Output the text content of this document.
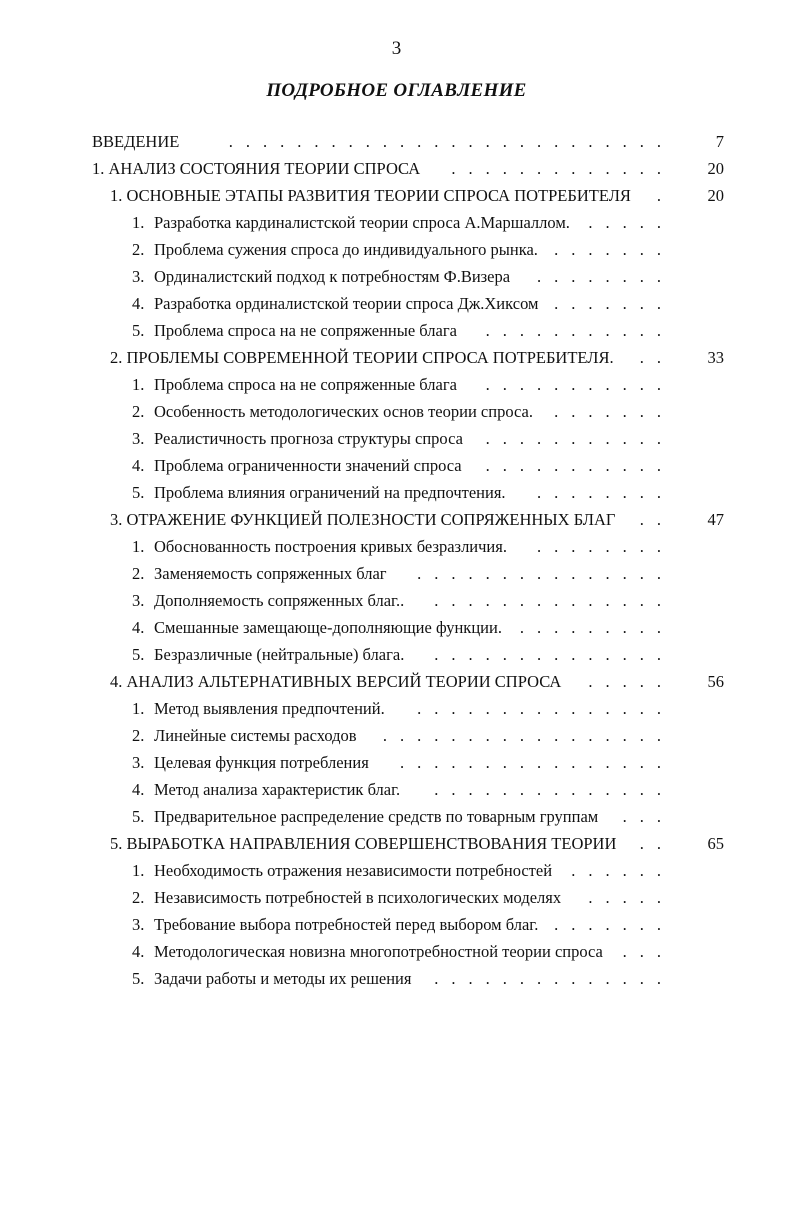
3
ПОДРОБНОЕ ОГЛАВЛЕНИЕ
..........................
ВВЕДЕНИЕ	7
.............
1. АНАЛИЗ СОСТОЯНИЯ ТЕОРИИ СПРОСА	20
.
1. ОСНОВНЫЕ ЭТАПЫ РАЗВИТИЯ ТЕОРИИ СПРОСА ПОТРЕБИТЕЛЯ	20
.....
1. Разработка кардиналистской теории спроса А.Маршаллом.
.......
2. Проблема сужения спроса до индивидуального рынка.
........
3. Ординалистский подход к потребностям Ф.Визера
.......
4. Разработка ординалистской теории спроса Дж.Хиксом
...........
5. Проблема спроса на не сопряженные блага
..
2. ПРОБЛЕМЫ СОВРЕМЕННОЙ ТЕОРИИ СПРОСА ПОТРЕБИТЕЛЯ.	33
...........
1. Проблема спроса на не сопряженные блага
.......
2. Особенность методологических основ теории спроса.
...........
3. Реалистичность прогноза структуры спроса
...........
4. Проблема ограниченности значений спроса
........
5. Проблема влияния ограничений на предпочтения.
..
3. ОТРАЖЕНИЕ ФУНКЦИЕЙ ПОЛЕЗНОСТИ СОПРЯЖЕННЫХ БЛАГ	47
........
1. Обоснованность построения кривых безразличия.
...............
2. Заменяемость сопряженных благ
..............
3. Дополняемость сопряженных благ..
.........
4. Смешанные замещающе-дополняющие функции.
..............
5. Безразличные (нейтральные) блага.
.....
4. АНАЛИЗ АЛЬТЕРНАТИВНЫХ ВЕРСИЙ ТЕОРИИ СПРОСА	56
...............
1. Метод выявления предпочтений.
.................
2. Линейные системы расходов
................
3. Целевая функция потребления
..............
4. Метод анализа характеристик благ.
...
5. Предварительное распределение средств по товарным группам
..
5. ВЫРАБОТКА НАПРАВЛЕНИЯ СОВЕРШЕНСТВОВАНИЯ ТЕОРИИ	65
......
1. Необходимость отражения независимости потребностей
.....
2. Независимость потребностей в психологических моделях
.......
3. Требование выбора потребностей перед выбором благ.
...
4. Методологическая новизна многопотребностной теории спроса
..............
5. Задачи работы и методы их решения
